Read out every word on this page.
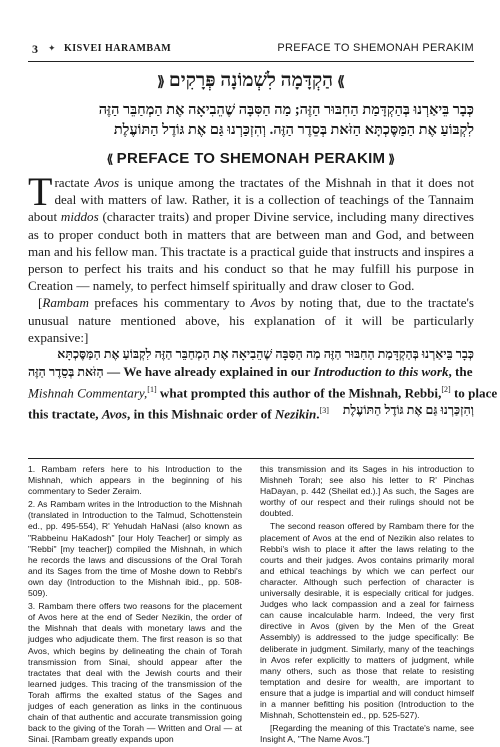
3 ✦ KISVEI HARAMBAM	PREFACE TO SHEMONAH PERAKIM
⟫הַקְדָּמָה לִשְׁמוֹנָה פְּרָקִים⟪
כְּבָר בֵּיאַרְנוּ בְּהַקְדָּמַת הַחִבּוּר הַזֶּה; מַה הַסִּבָּה שֶׁהֵבִיאָה אֶת הַמְחַבֵּר הַזֶּה
לִקְבּוֹעַ אֶת הַמַּסֶּכְתָּא הַזֹּאת בְּסֵדֶר הַזֶּה. וְהִזְכַּרְנוּ גַּם אֶת גּוֹדֶל הַתּוֹעֶלֶת
⟪ PREFACE TO SHEMONAH PERAKIM ⟫

Tractate Avos is unique among the tractates of the Mishnah in that it does not deal with matters of law. Rather, it is a collection of teachings of the Tannaim about middos (character traits) and proper Divine service, including many directives as to proper conduct both in matters that are between man and God, and between man and his fellow man. This tractate is a practical guide that instructs and inspires a person to perfect his traits and his conduct so that he may fulfill his purpose in Creation — namely, to perfect himself spiritually and draw closer to God.

[Rambam prefaces his commentary to Avos by noting that, due to the tractate's unusual nature mentioned above, his explanation of it will be particularly expansive:]

כְּבָר בֵּיאַרְנוּ בְּהַקְדָּמַת הַחִבּוּר הַזֶּה מַה הַסִּבָּה שֶׁהֵבִיאָה אֶת הַמְחַבֵּר הַזֶּה לִקְבּוֹעַ אֶת הַמַּסֶּכְתָּא
הַזֹּאת בְּסֵדֶר הַזֶּה — We have already explained in our Introduction to this work, the
Mishnah Commentary,[1] what prompted this author of the Mishnah, Rebbi,[2] to place
this tractate, Avos, in this Mishnaic order of Nezikin.[3] וְהִזְכַּרְנוּ גַּם אֶת גּוֹדֶל הַתּוֹעֶלֶת

1. Rambam refers here to his Introduction to the Mishnah, which appears in the beginning of his commentary to Seder Zeraim.

2. As Rambam writes in the Introduction to the Mishnah (translated in Introduction to the Talmud, Schottenstein ed., pp. 495-554), R' Yehudah HaNasi (also known as "Rabbeinu HaKadosh" [our Holy Teacher] or simply as "Rebbi" [my teacher]) compiled the Mishnah, in which he records the laws and discussions of the Oral Torah and its Sages from the time of Moshe down to Rebbi's own day (Introduction to the Mishnah ibid., pp. 508-509).

3. Rambam there offers two reasons for the placement of Avos here at the end of Seder Nezikin, the order of the Mishnah that deals with monetary laws and the judges who adjudicate them. The first reason is so that Avos, which begins by delineating the chain of Torah transmission from Sinai, should appear after the tractates that deal with the Jewish courts and their learned judges. This tracing of the transmission of the Torah affirms the exalted status of the Sages and judges of each generation as links in the continuous chain of that authentic and accurate transmission going back to the giving of the Torah — Written and Oral — at Sinai. [Rambam greatly expands upon

this transmission and its Sages in his introduction to Mishneh Torah; see also his letter to R' Pinchas HaDayan, p. 442 (Sheilat ed.).] As such, the Sages are worthy of our respect and their rulings should not be doubted.

The second reason offered by Rambam there for the placement of Avos at the end of Nezikin also relates to Rebbi's wish to place it after the laws relating to the courts and their judges. Avos contains primarily moral and ethical teachings by which we can perfect our character. Although such perfection of character is universally desirable, it is especially critical for judges. Judges who lack compassion and a zeal for fairness can cause incalculable harm. Indeed, the very first directive in Avos (given by the Men of the Great Assembly) is addressed to the judge specifically: Be deliberate in judgment. Similarly, many of the teachings in Avos refer explicitly to matters of judgment, while many others, such as those that relate to resisting temptation and desire for wealth, are important to ensure that a judge is impartial and will conduct himself in a manner befitting his position (Introduction to the Mishnah, Schottenstein ed., pp. 525-527).

[Regarding the meaning of this Tractate's name, see Insight A, "The Name Avos."]
